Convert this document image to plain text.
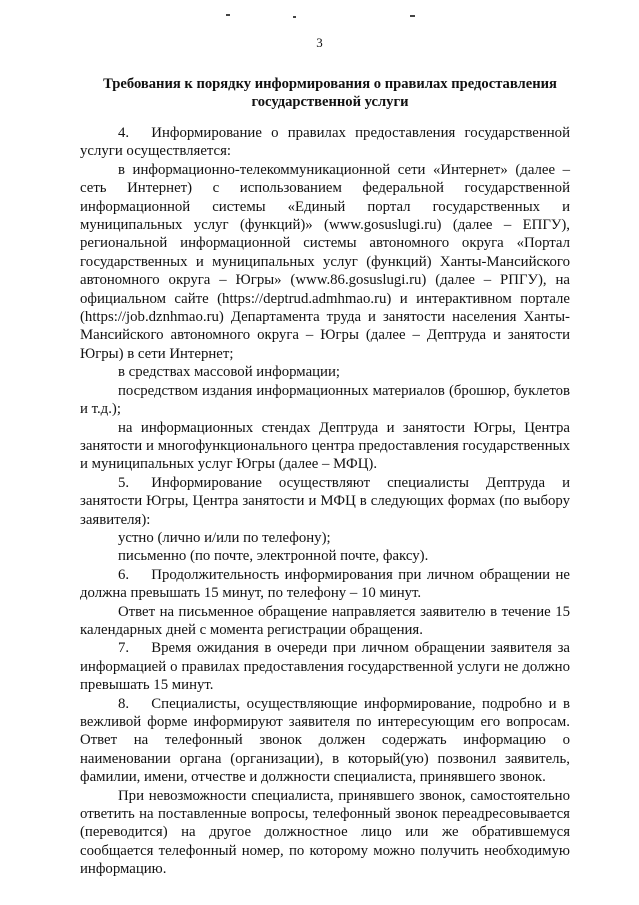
3
Требования к порядку информирования о правилах предоставления государственной услуги

4.  Информирование о правилах предоставления государственной услуги осуществляется:

в информационно-телекоммуникационной сети «Интернет» (далее – сеть Интернет) с использованием федеральной государственной информационной системы «Единый портал государственных и муниципальных услуг (функций)» (www.gosuslugi.ru) (далее – ЕПГУ), региональной информационной системы автономного округа «Портал государственных и муниципальных услуг (функций) Ханты-Мансийского автономного округа – Югры» (www.86.gosuslugi.ru) (далее – РПГУ), на официальном сайте (https://deptrud.admhmao.ru) и интерактивном портале (https://job.dznhmao.ru) Департамента труда и занятости населения Ханты-Мансийского автономного округа – Югры (далее – Дептруда и занятости Югры) в сети Интернет;

в средствах массовой информации;

посредством издания информационных материалов (брошюр, буклетов и т.д.);

на информационных стендах Дептруда и занятости Югры, Центра занятости и многофункционального центра предоставления государственных и муниципальных услуг Югры (далее – МФЦ).

5.  Информирование осуществляют специалисты Дептруда и занятости Югры, Центра занятости и МФЦ в следующих формах (по выбору заявителя):

устно (лично и/или по телефону);

письменно (по почте, электронной почте, факсу).

6.  Продолжительность информирования при личном обращении не должна превышать 15 минут, по телефону – 10 минут.

Ответ на письменное обращение направляется заявителю в течение 15 календарных дней с момента регистрации обращения.

7.  Время ожидания в очереди при личном обращении заявителя за информацией о правилах предоставления государственной услуги не должно превышать 15 минут.

8.  Специалисты, осуществляющие информирование, подробно и в вежливой форме информируют заявителя по интересующим его вопросам. Ответ на телефонный звонок должен содержать информацию о наименовании органа (организации), в который(ую) позвонил заявитель, фамилии, имени, отчестве и должности специалиста, принявшего звонок.

При невозможности специалиста, принявшего звонок, самостоятельно ответить на поставленные вопросы, телефонный звонок переадресовывается (переводится) на другое должностное лицо или же обратившемуся сообщается телефонный номер, по которому можно получить необходимую информацию.
